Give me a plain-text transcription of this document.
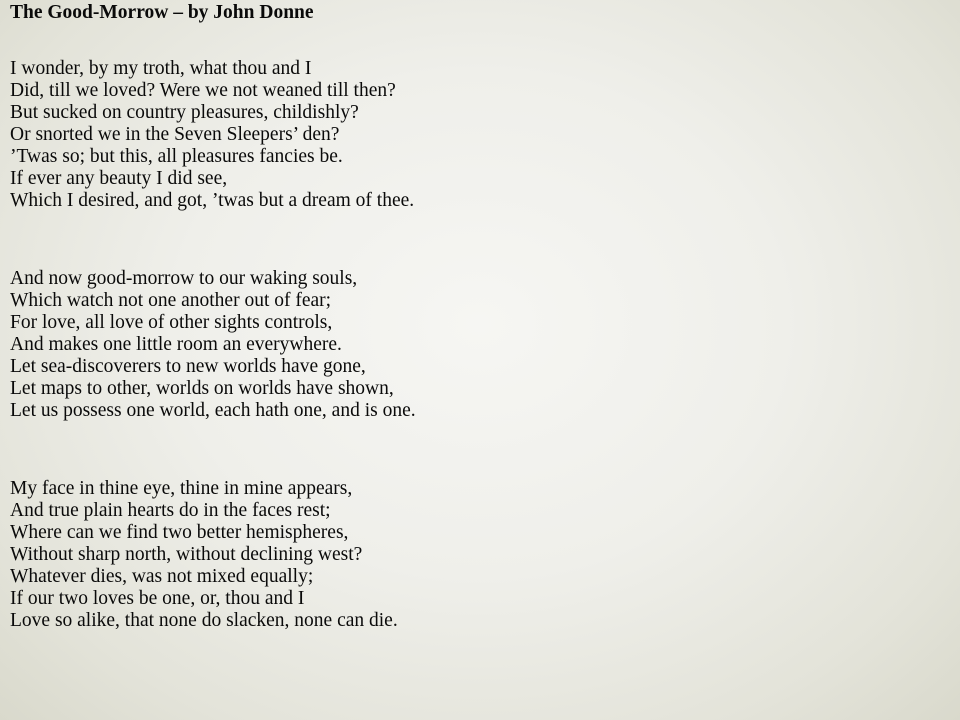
The Good-Morrow – by John Donne
I wonder, by my troth, what thou and I
Did, till we loved? Were we not weaned till then?
But sucked on country pleasures, childishly?
Or snorted we in the Seven Sleepers’ den?
’Twas so; but this, all pleasures fancies be.
If ever any beauty I did see,
Which I desired, and got, ’twas but a dream of thee.
And now good-morrow to our waking souls,
Which watch not one another out of fear;
For love, all love of other sights controls,
And makes one little room an everywhere.
Let sea-discoverers to new worlds have gone,
Let maps to other, worlds on worlds have shown,
Let us possess one world, each hath one, and is one.
My face in thine eye, thine in mine appears,
And true plain hearts do in the faces rest;
Where can we find two better hemispheres,
Without sharp north, without declining west?
Whatever dies, was not mixed equally;
If our two loves be one, or, thou and I
Love so alike, that none do slacken, none can die.
